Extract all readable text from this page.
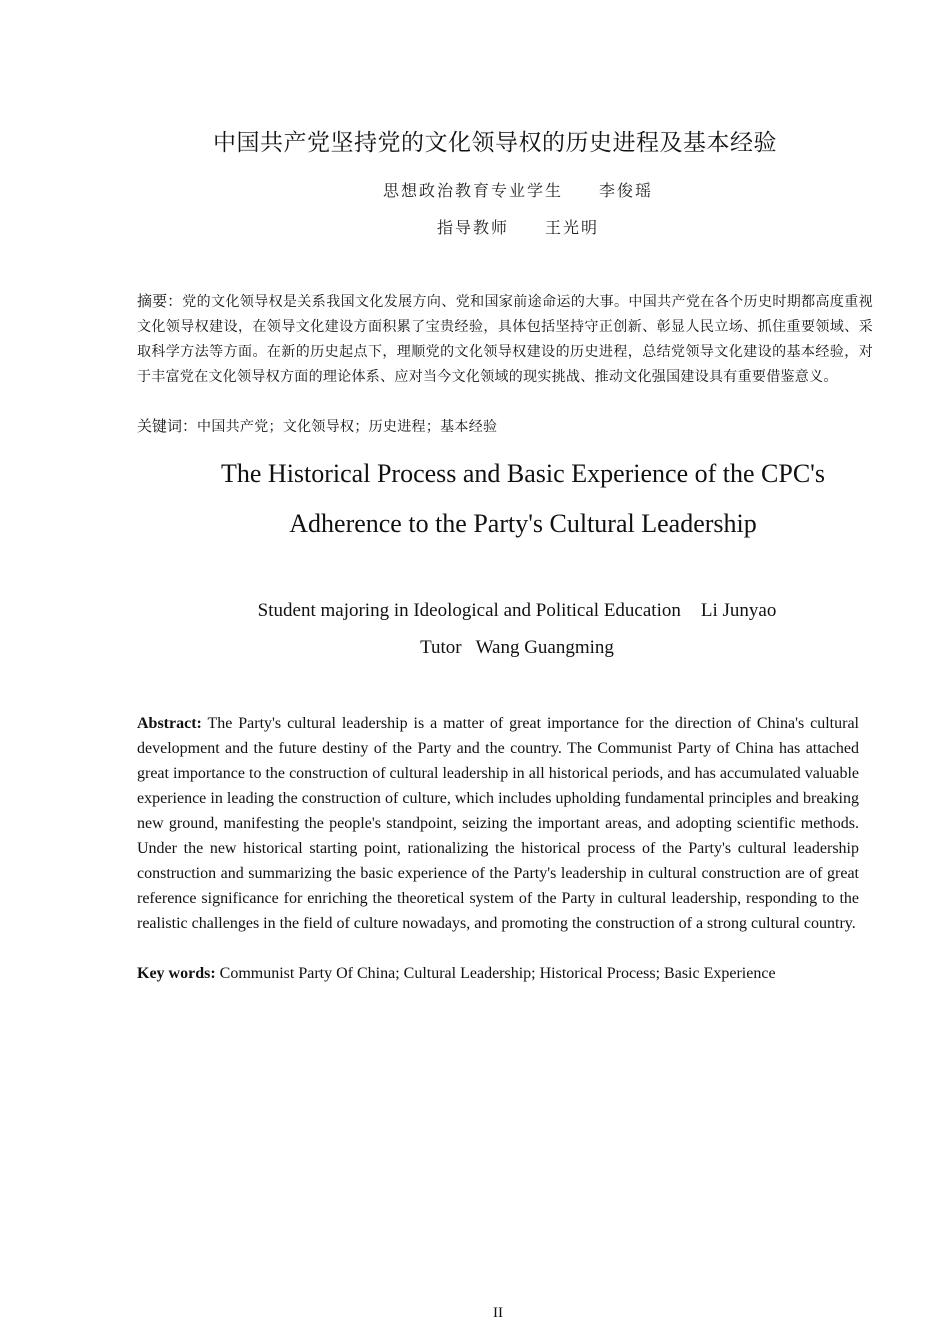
中国共产党坚持党的文化领导权的历史进程及基本经验
思想政治教育专业学生 李俊瑶
指导教师 王光明
摘要：党的文化领导权是关系我国文化发展方向、党和国家前途命运的大事。中国共产党在各个历史时期都高度重视文化领导权建设，在领导文化建设方面积累了宝贵经验，具体包括坚持守正创新、彰显人民立场、抓住重要领域、采取科学方法等方面。在新的历史起点下，理顺党的文化领导权建设的历史进程，总结党领导文化建设的基本经验，对于丰富党在文化领导权方面的理论体系、应对当今文化领域的现实挑战、推动文化强国建设具有重要借鉴意义。
关键词：中国共产党；文化领导权；历史进程；基本经验
The Historical Process and Basic Experience of the CPC's
Adherence to the Party's Cultural Leadership
Student majoring in Ideological and Political Education Li Junyao
Tutor Wang Guangming
Abstract: The Party's cultural leadership is a matter of great importance for the direction of China's cultural development and the future destiny of the Party and the country. The Communist Party of China has attached great importance to the construction of cultural leadership in all historical periods, and has accumulated valuable experience in leading the construction of culture, which includes upholding fundamental principles and breaking new ground, manifesting the people's standpoint, seizing the important areas, and adopting scientific methods. Under the new historical starting point, rationalizing the historical process of the Party's cultural leadership construction and summarizing the basic experience of the Party's leadership in cultural construction are of great reference significance for enriching the theoretical system of the Party in cultural leadership, responding to the realistic challenges in the field of culture nowadays, and promoting the construction of a strong cultural country.
Key words: Communist Party Of China; Cultural Leadership; Historical Process; Basic Experience
II
